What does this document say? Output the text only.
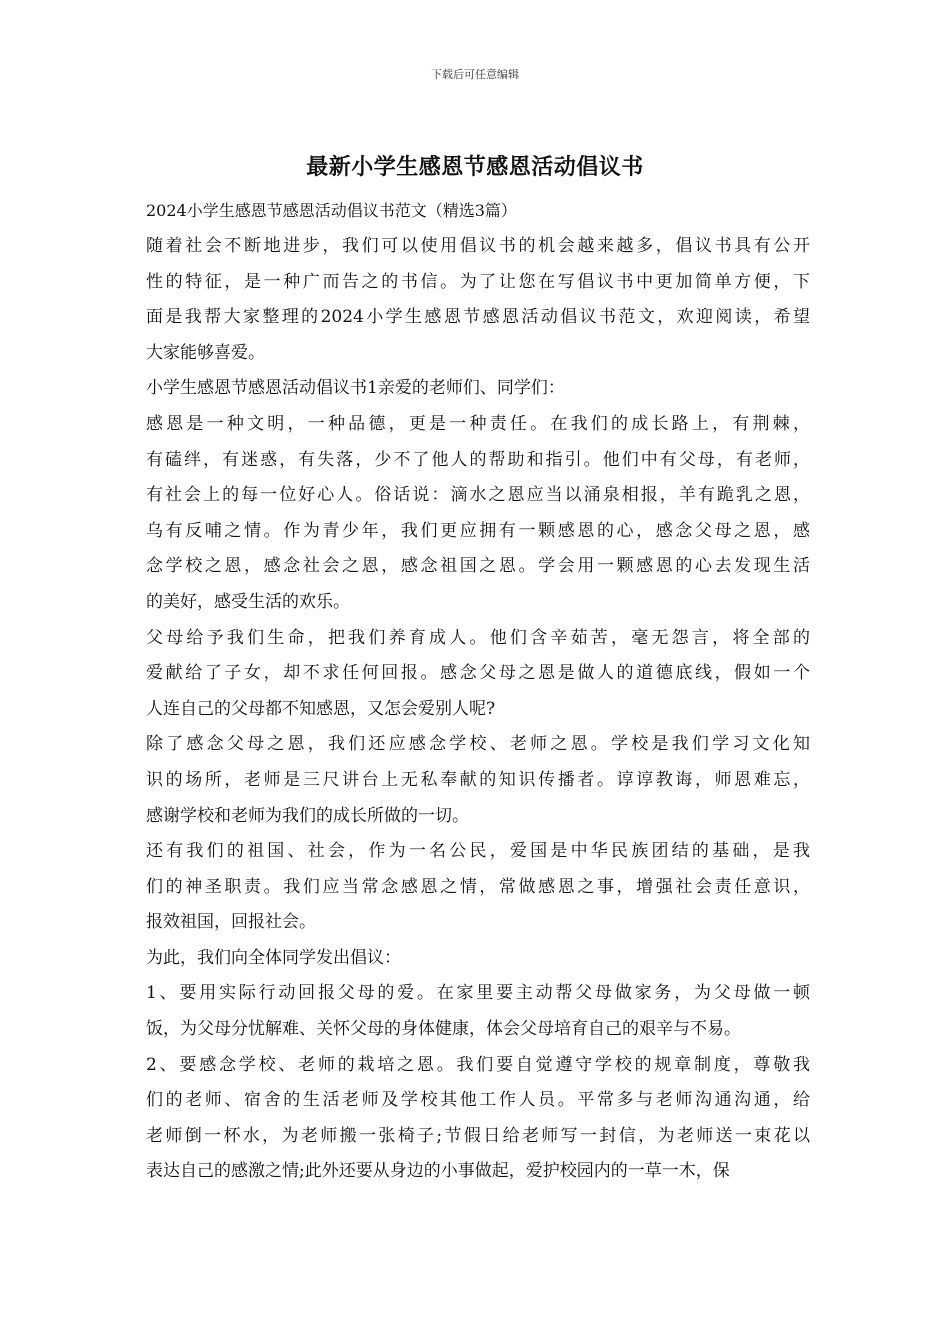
下载后可任意编辑
最新小学生感恩节感恩活动倡议书
2024小学生感恩节感恩活动倡议书范文（精选3篇）
随着社会不断地进步，我们可以使用倡议书的机会越来越多，倡议书具有公开
性的特征，是一种广而告之的书信。为了让您在写倡议书中更加简单方便，下
面是我帮大家整理的2024小学生感恩节感恩活动倡议书范文，欢迎阅读，希望
大家能够喜爱。
小学生感恩节感恩活动倡议书1亲爱的老师们、同学们：
感恩是一种文明，一种品德，更是一种责任。在我们的成长路上，有荆棘，
有磕绊，有迷惑，有失落，少不了他人的帮助和指引。他们中有父母，有老师，
有社会上的每一位好心人。俗话说：滴水之恩应当以涌泉相报，羊有跪乳之恩，
乌有反哺之情。作为青少年，我们更应拥有一颗感恩的心，感念父母之恩，感
念学校之恩，感念社会之恩，感念祖国之恩。学会用一颗感恩的心去发现生活
的美好，感受生活的欢乐。
父母给予我们生命，把我们养育成人。他们含辛茹苦，毫无怨言，将全部的
爱献给了子女，却不求任何回报。感念父母之恩是做人的道德底线，假如一个
人连自己的父母都不知感恩，又怎会爱别人呢?
除了感念父母之恩，我们还应感念学校、老师之恩。学校是我们学习文化知
识的场所，老师是三尺讲台上无私奉献的知识传播者。谆谆教诲，师恩难忘，
感谢学校和老师为我们的成长所做的一切。
还有我们的祖国、社会，作为一名公民，爱国是中华民族团结的基础，是我
们的神圣职责。我们应当常念感恩之情，常做感恩之事，增强社会责任意识，
报效祖国，回报社会。
为此，我们向全体同学发出倡议：
1、要用实际行动回报父母的爱。在家里要主动帮父母做家务，为父母做一顿
饭，为父母分忧解难、关怀父母的身体健康，体会父母培育自己的艰辛与不易。
2、要感念学校、老师的栽培之恩。我们要自觉遵守学校的规章制度，尊敬我
们的老师、宿舍的生活老师及学校其他工作人员。平常多与老师沟通沟通，给
老师倒一杯水，为老师搬一张椅子;节假日给老师写一封信，为老师送一束花以
表达自己的感激之情;此外还要从身边的小事做起，爱护校园内的一草一木，保
